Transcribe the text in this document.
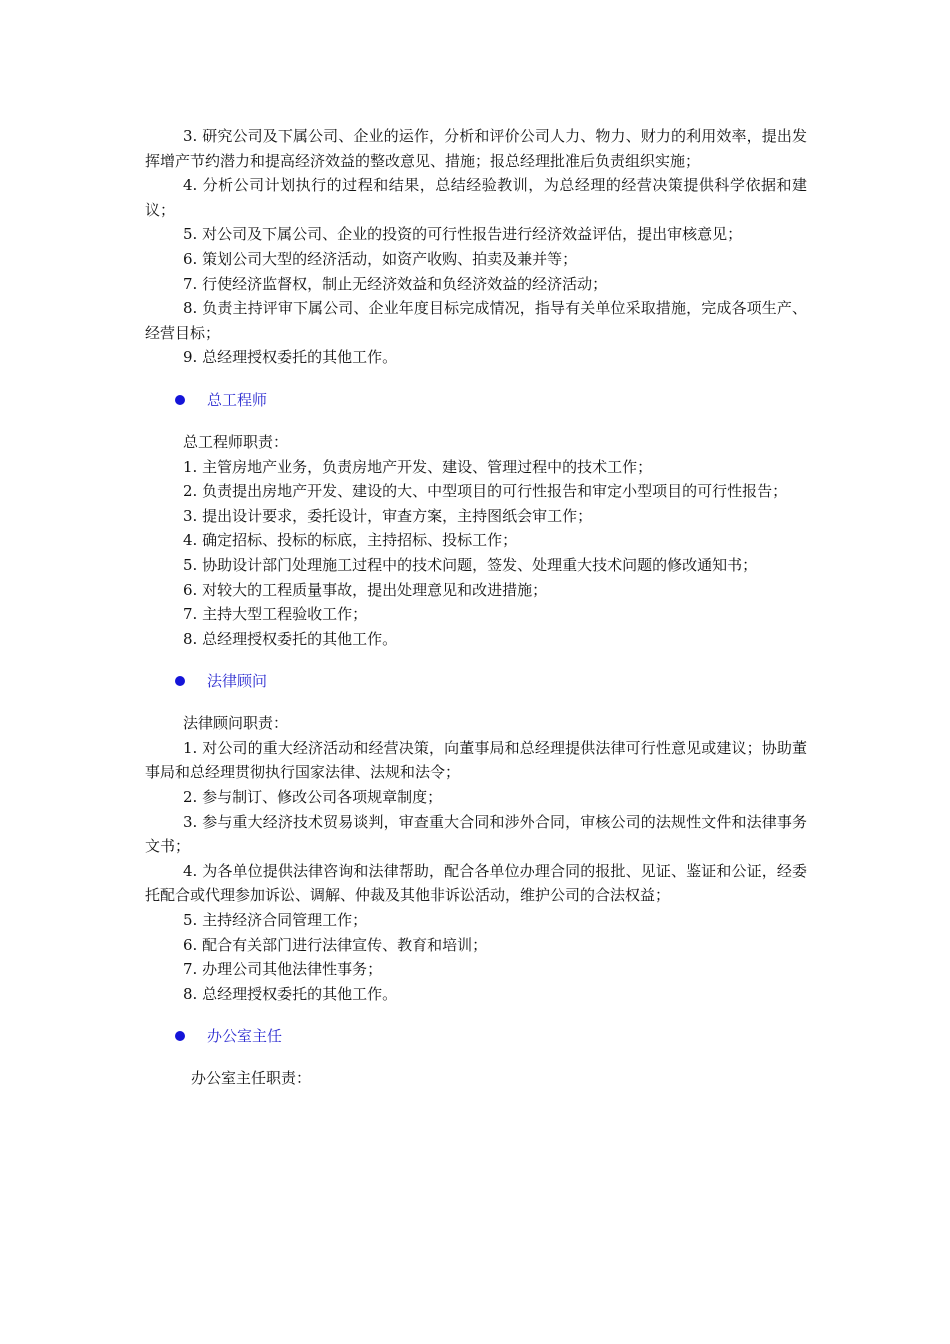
3. 研究公司及下属公司、企业的运作，分析和评价公司人力、物力、财力的利用效率，提出发挥增产节约潜力和提高经济效益的整改意见、措施；报总经理批准后负责组织实施；

4. 分析公司计划执行的过程和结果，总结经验教训，为总经理的经营决策提供科学依据和建议；

5. 对公司及下属公司、企业的投资的可行性报告进行经济效益评估，提出审核意见；

6. 策划公司大型的经济活动，如资产收购、拍卖及兼并等；

7. 行使经济监督权，制止无经济效益和负经济效益的经济活动；

8. 负责主持评审下属公司、企业年度目标完成情况，指导有关单位采取措施，完成各项生产、经营目标；

9. 总经理授权委托的其他工作。

总工程师

总工程师职责：

1. 主管房地产业务，负责房地产开发、建设、管理过程中的技术工作；

2. 负责提出房地产开发、建设的大、中型项目的可行性报告和审定小型项目的可行性报告；

3. 提出设计要求，委托设计，审查方案，主持图纸会审工作；

4. 确定招标、投标的标底，主持招标、投标工作；

5. 协助设计部门处理施工过程中的技术问题，签发、处理重大技术问题的修改通知书；

6. 对较大的工程质量事故，提出处理意见和改进措施；

7. 主持大型工程验收工作；

8. 总经理授权委托的其他工作。

法律顾问

法律顾问职责：

1. 对公司的重大经济活动和经营决策，向董事局和总经理提供法律可行性意见或建议；协助董事局和总经理贯彻执行国家法律、法规和法令；

2. 参与制订、修改公司各项规章制度；

3. 参与重大经济技术贸易谈判，审查重大合同和涉外合同，审核公司的法规性文件和法律事务文书；

4. 为各单位提供法律咨询和法律帮助，配合各单位办理合同的报批、见证、鉴证和公证，经委托配合或代理参加诉讼、调解、仲裁及其他非诉讼活动，维护公司的合法权益；

5. 主持经济合同管理工作；

6. 配合有关部门进行法律宣传、教育和培训；

7. 办理公司其他法律性事务；

8. 总经理授权委托的其他工作。

办公室主任

办公室主任职责：
